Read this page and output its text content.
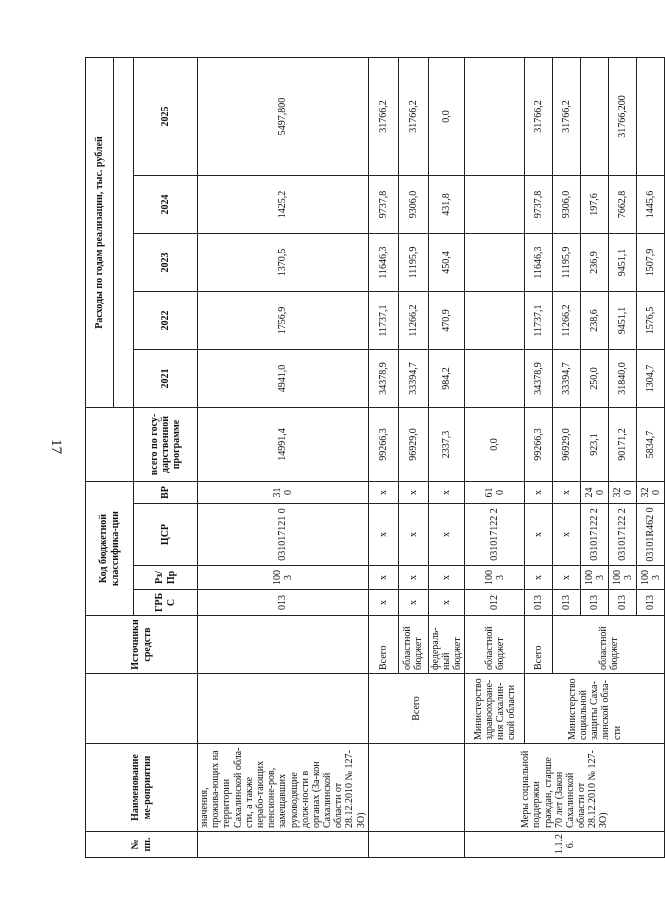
17
№ пп.	Наименование ме-роприятия		Источники средств	Код бюджетной классифика-ции					Расходы по годам реализации, тыс. рублей				

				ГРБ С	Рз/ Пр	ЦСР	ВР	всего по госу-дарственной программе	2021	2022	2023	2024	2025
	значения, прожива-ющих на территории Сахалинской обла-сти, а также нерабо-тающих пенсионе-ров, замещавших руководящие долж-ности в органах (За-кон Сахалинской области от 28.12.2010 № 127-ЗО)			013	100 3	031017121 0	31 0	14991,4	4941,0	1756,9	1370,5	1425,2	5497,800
		Всего	Всего	х	х	х	х	99266,3	34378,9	11737,1	11646,3	9737,8	31766,2
			областной бюджет	х	х	х	х	96929,0	33394,7	11266,2	11195,9	9306,0	31766,2
			федераль-ный бюджет	х	х	х	х	2337,3	984,2	470,9	450,4	431,8	0,0
1.1.2 6.	Меры социальной поддержки граждан, старше 70 лет (Закон Сахалинской области от 28.12.2010 № 127-ЗО)	Министерство здравоохране-ния Сахалин-ской области	областной бюджет	012	100 3	031017122 2	61 0	0,0					
		Министерство социальной защиты Саха-линской обла-сти	Всего	013	х	х	х	99266,3	34378,9	11737,1	11646,3	9737,8	31766,2
			областной бюджет	013	х	х	х	96929,0	33394,7	11266,2	11195,9	9306,0	31766,2
				013	100 3	031017122 2	24 0	923,1	250,0	238,6	236,9	197,6	
				013	100 3	031017122 2	32 0	90171,2	31840,0	9451,1	9451,1	7662,8	31766,200
				013	100 3	03101R462 0	32 0	5834,7	1304,7	1576,5	1507,9	1445,6	
